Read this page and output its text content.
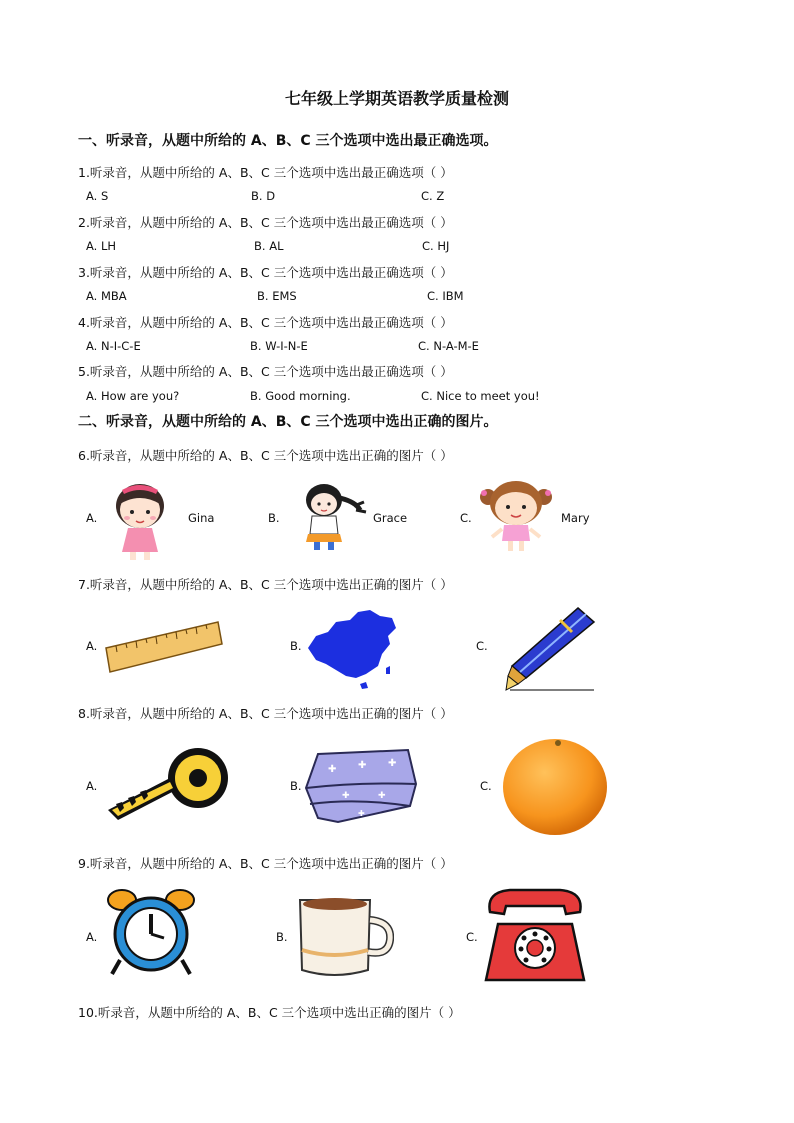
七年级上学期英语教学质量检测
一、听录音，从题中所给的 A、B、C 三个选项中选出最正确选项。
1.听录音，从题中所给的 A、B、C 三个选项中选出最正确选项（ ）
A. S	B. D	C. Z
2.听录音，从题中所给的 A、B、C 三个选项中选出最正确选项（ ）
A. LH	B. AL	C. HJ
3.听录音，从题中所给的 A、B、C 三个选项中选出最正确选项（ ）
A. MBA	B. EMS	C. IBM
4.听录音，从题中所给的 A、B、C 三个选项中选出最正确选项（ ）
A. N-I-C-E	B. W-I-N-E	C. N-A-M-E
5.听录音，从题中所给的 A、B、C 三个选项中选出最正确选项（ ）
A. How are you?	B. Good morning.	C. Nice to meet you!
二、听录音，从题中所给的 A、B、C 三个选项中选出正确的图片。
6.听录音，从题中所给的 A、B、C 三个选项中选出正确的图片（ ）
A.	Gina	B.	Grace	C.	Mary
7.听录音，从题中所给的 A、B、C 三个选项中选出正确的图片（ ）
A.	B.	C.
8.听录音，从题中所给的 A、B、C 三个选项中选出正确的图片（ ）
A.	B.
✚ ✚ ✚
✚	✚
✚
C.
9.听录音，从题中所给的 A、B、C 三个选项中选出正确的图片（ ）
A.	B.	C.
10.听录音，从题中所给的 A、B、C 三个选项中选出正确的图片（ ）
